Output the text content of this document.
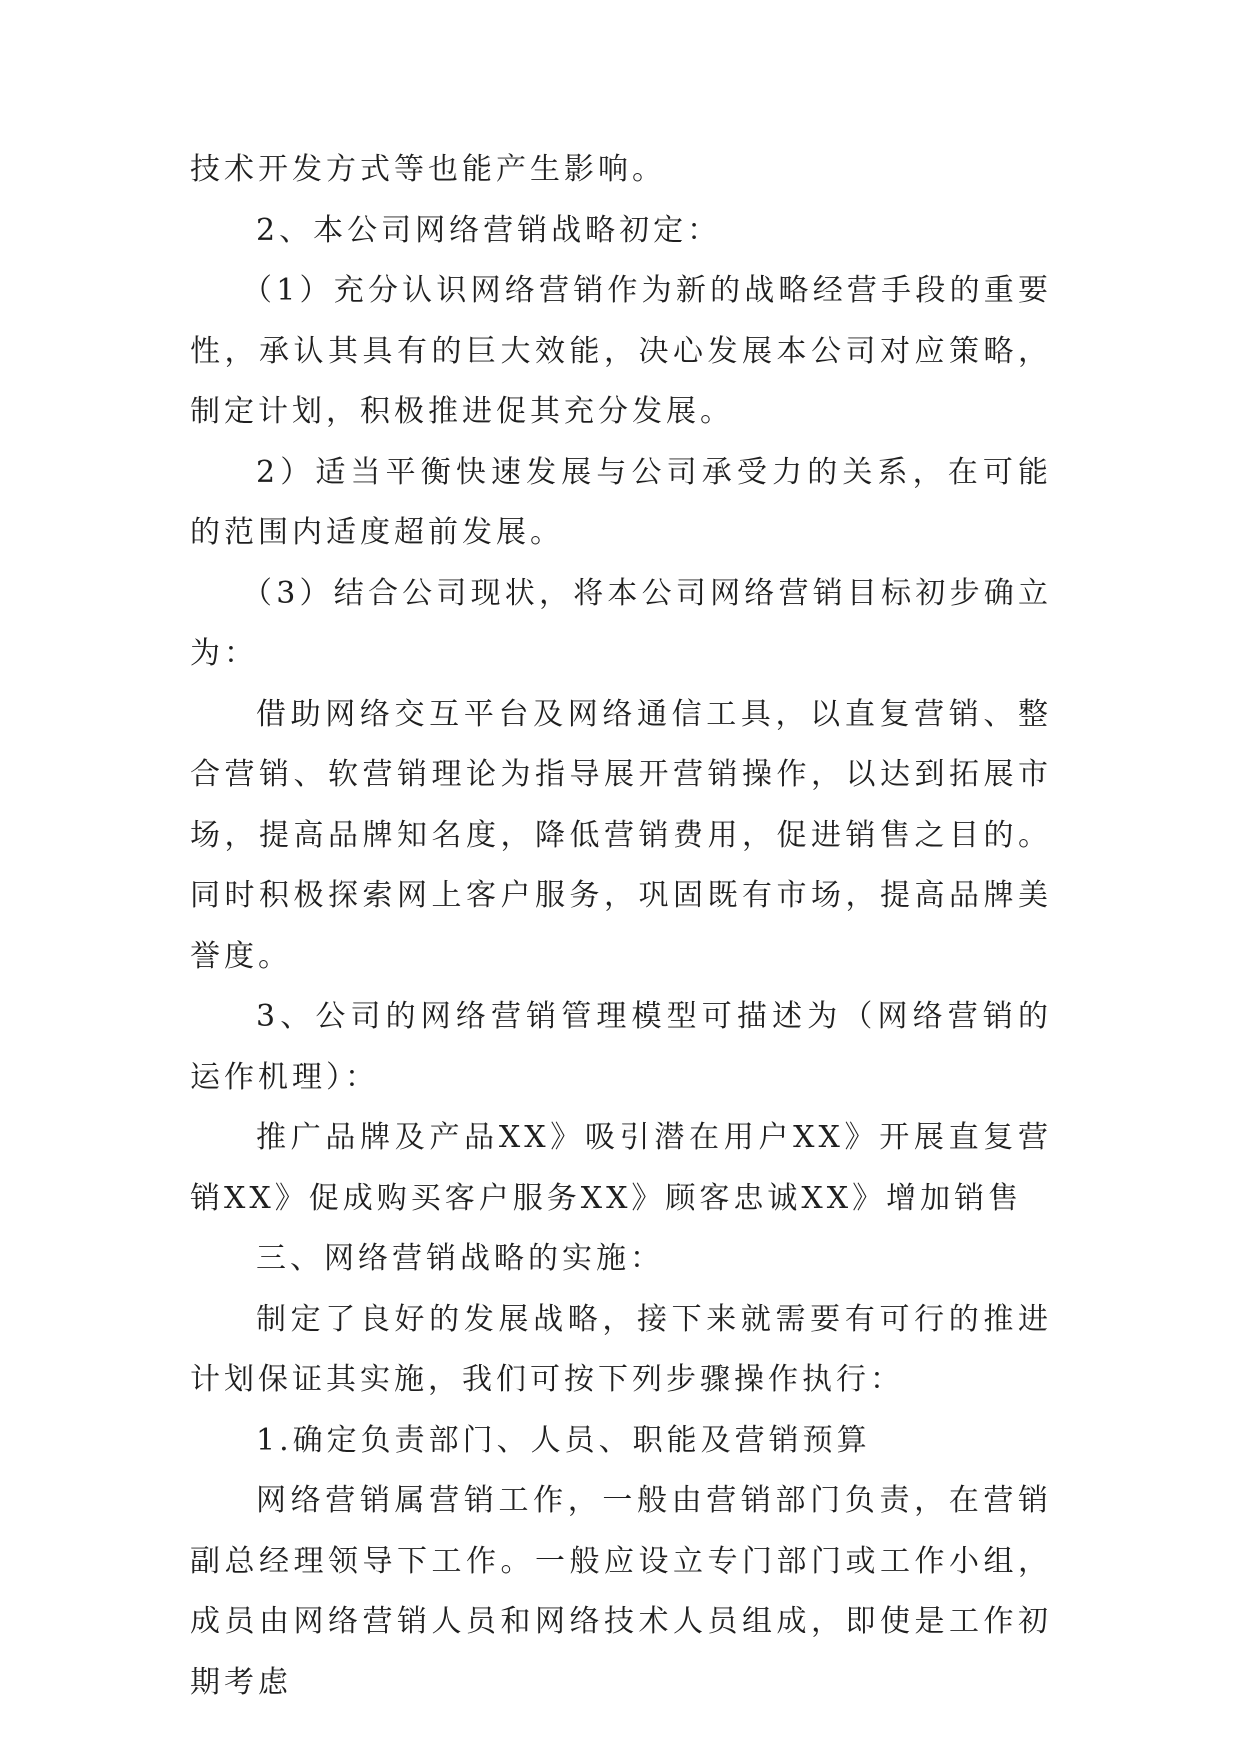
技术开发方式等也能产生影响。

2、本公司网络营销战略初定：

（1）充分认识网络营销作为新的战略经营手段的重要性，承认其具有的巨大效能，决心发展本公司对应策略，制定计划，积极推进促其充分发展。

2）适当平衡快速发展与公司承受力的关系，在可能的范围内适度超前发展。

（3）结合公司现状，将本公司网络营销目标初步确立为：

借助网络交互平台及网络通信工具，以直复营销、整合营销、软营销理论为指导展开营销操作，以达到拓展市场，提高品牌知名度，降低营销费用，促进销售之目的。同时积极探索网上客户服务，巩固既有市场，提高品牌美誉度。

3、公司的网络营销管理模型可描述为（网络营销的运作机理）：

推广品牌及产品XX》吸引潜在用户XX》开展直复营销XX》促成购买客户服务XX》顾客忠诚XX》增加销售

三、网络营销战略的实施：

制定了良好的发展战略，接下来就需要有可行的推进计划保证其实施，我们可按下列步骤操作执行：

1.确定负责部门、人员、职能及营销预算

网络营销属营销工作，一般由营销部门负责，在营销副总经理领导下工作。一般应设立专门部门或工作小组，成员由网络营销人员和网络技术人员组成，即使是工作初期考虑
